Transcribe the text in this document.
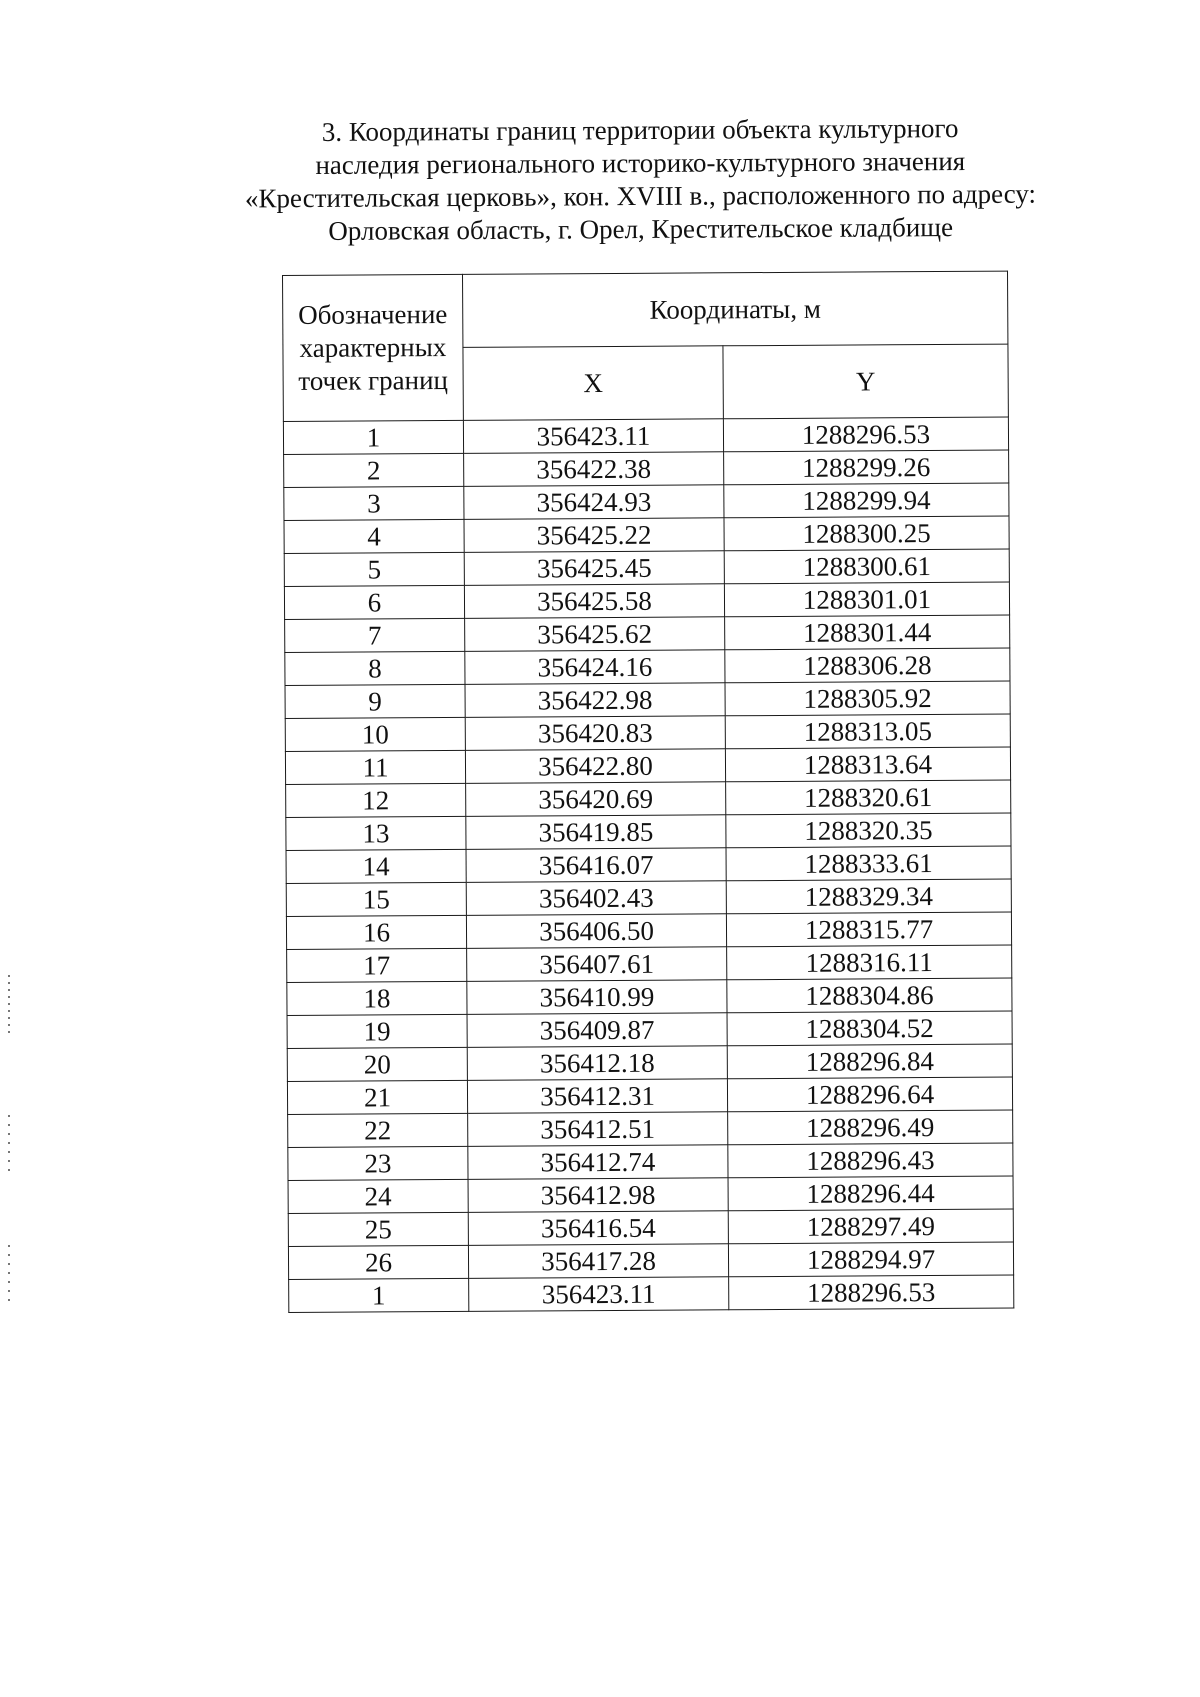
3. Координаты границ территории объекта культурного
наследия регионального историко-культурного значения
«Крестительская церковь», кон. XVIII в., расположенного по адресу:
Орловская область, г. Орел, Крестительское кладбище
Обозначение характерных точек границ	Координаты, м	
	X	Y
1	356423.11	1288296.53
2	356422.38	1288299.26
3	356424.93	1288299.94
4	356425.22	1288300.25
5	356425.45	1288300.61
6	356425.58	1288301.01
7	356425.62	1288301.44
8	356424.16	1288306.28
9	356422.98	1288305.92
10	356420.83	1288313.05
11	356422.80	1288313.64
12	356420.69	1288320.61
13	356419.85	1288320.35
14	356416.07	1288333.61
15	356402.43	1288329.34
16	356406.50	1288315.77
17	356407.61	1288316.11
18	356410.99	1288304.86
19	356409.87	1288304.52
20	356412.18	1288296.84
21	356412.31	1288296.64
22	356412.51	1288296.49
23	356412.74	1288296.43
24	356412.98	1288296.44
25	356416.54	1288297.49
26	356417.28	1288294.97
1	356423.11	1288296.53
